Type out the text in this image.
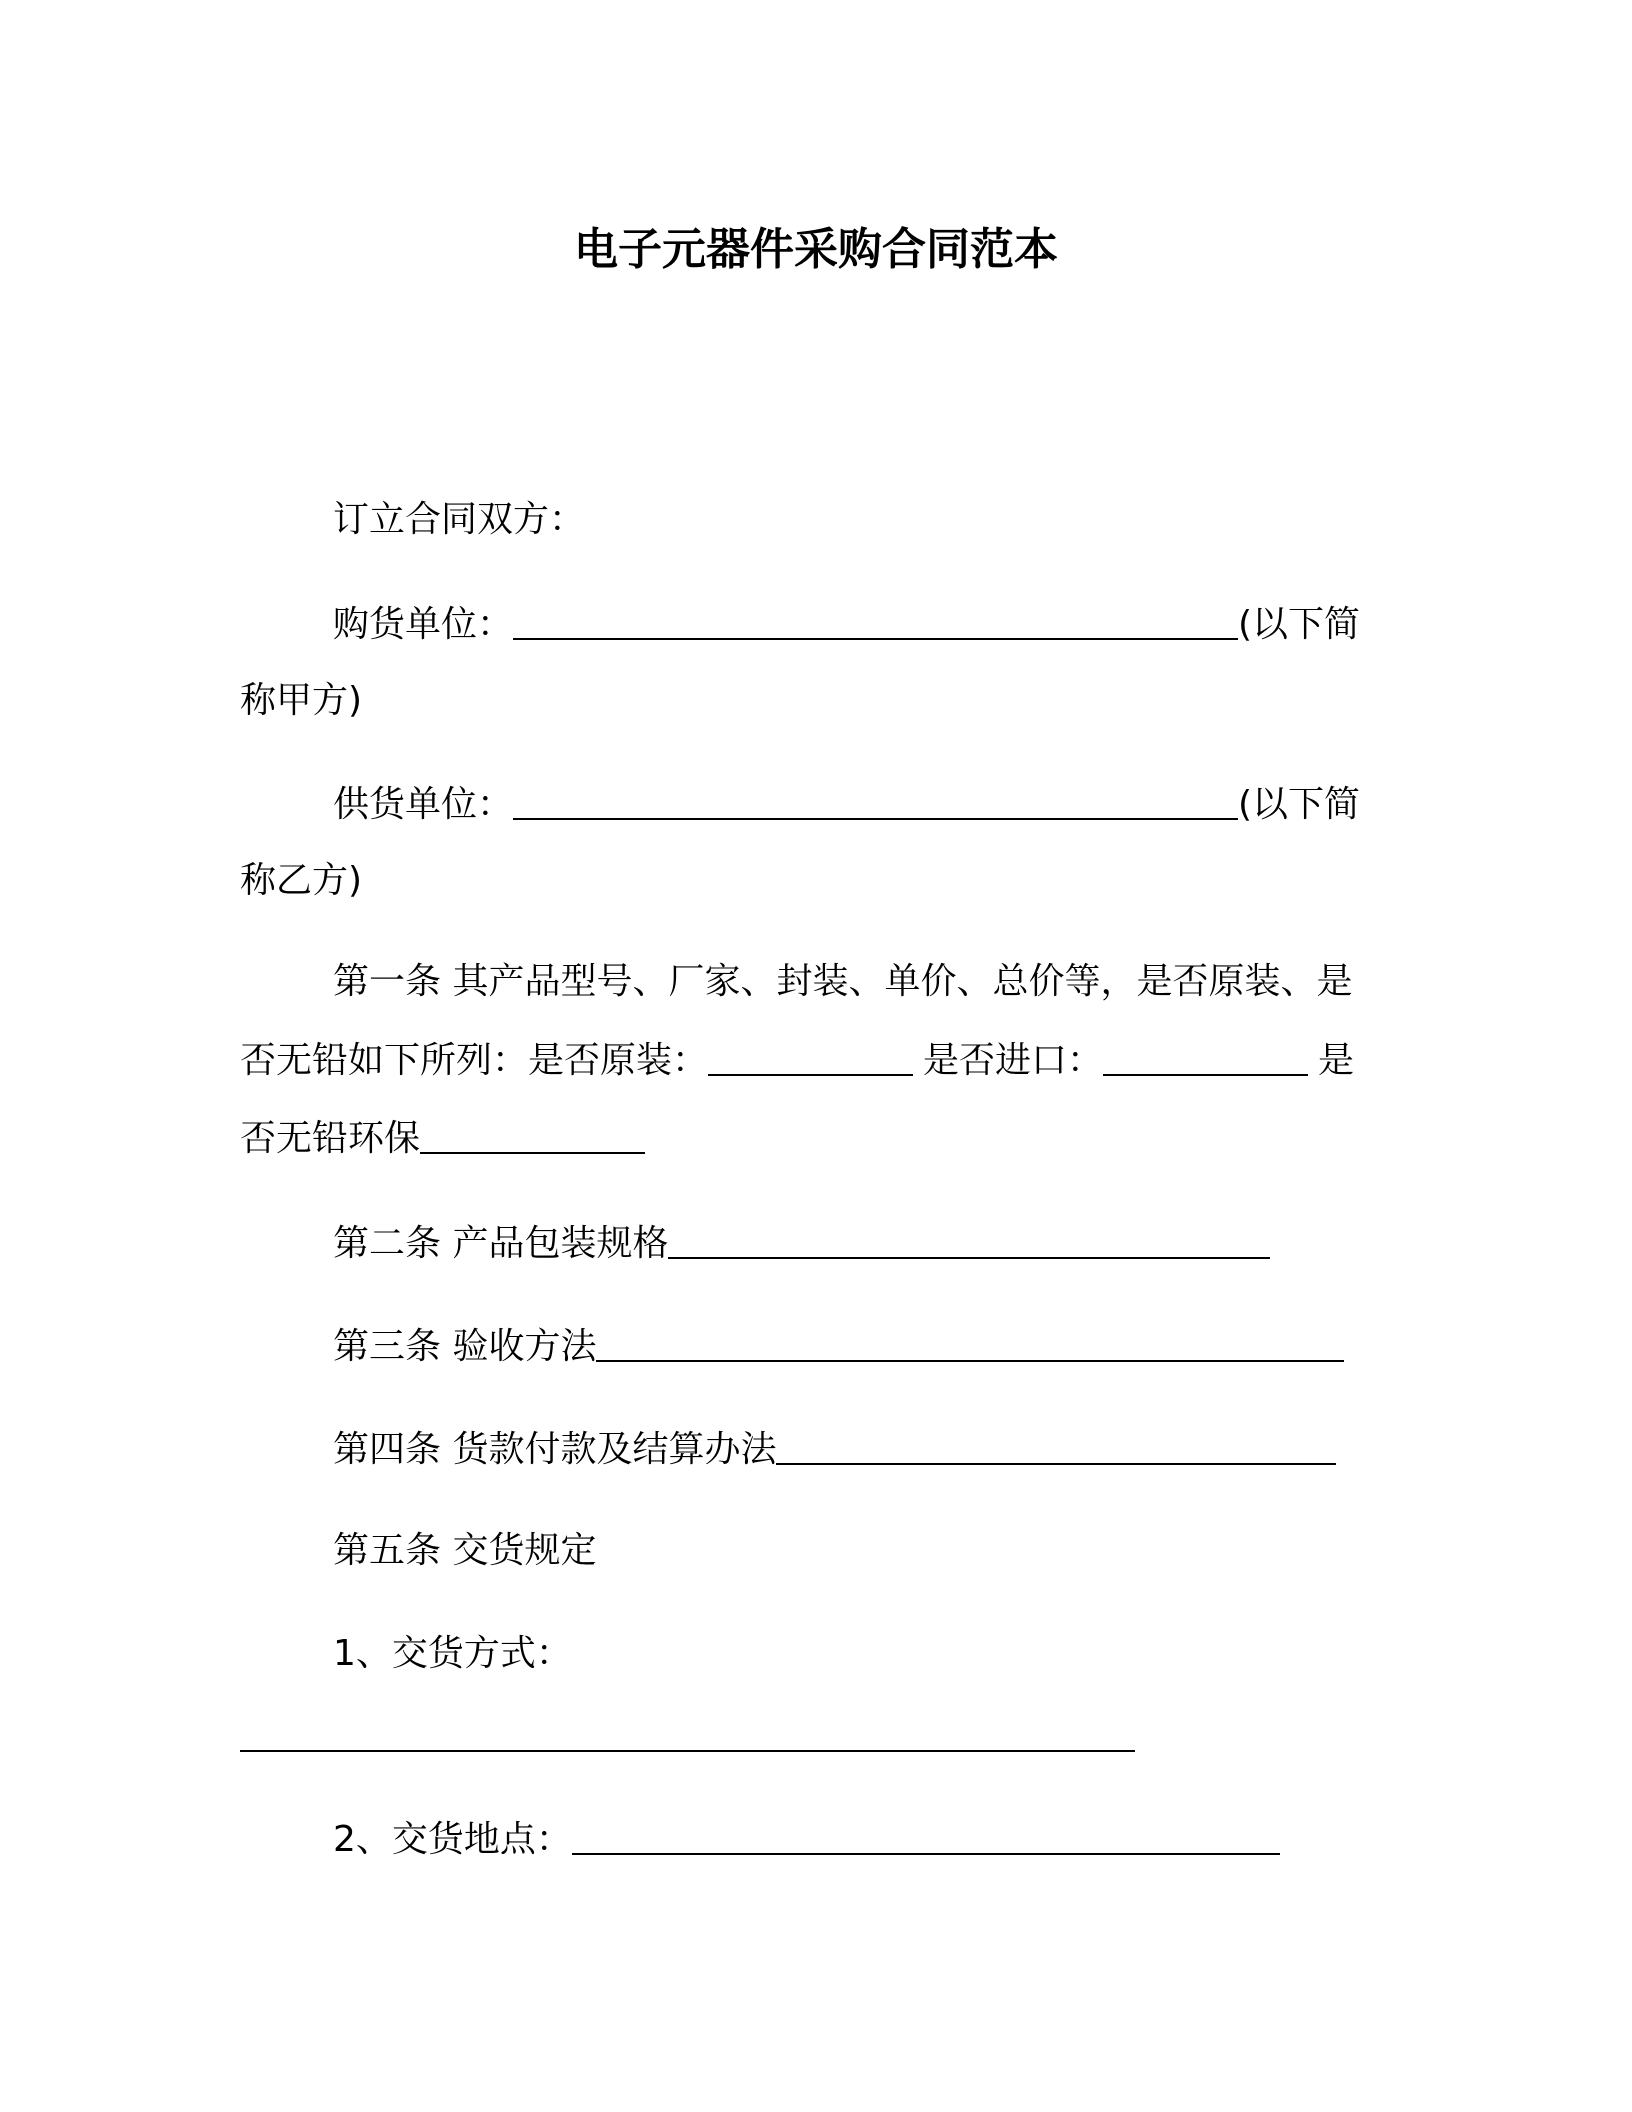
电子元器件采购合同范本
订立合同双方：
购货单位：	(以下简
称甲方)
供货单位：	(以下简
称乙方)
第一条 其产品型号、厂家、封装、单价、总价等，是否原装、是
否无铅如下所列：是否原装：	是否进口：	是
否无铅环保
第二条 产品包装规格
第三条 验收方法
第四条 货款付款及结算办法
第五条 交货规定
1、交货方式：
2、交货地点：
